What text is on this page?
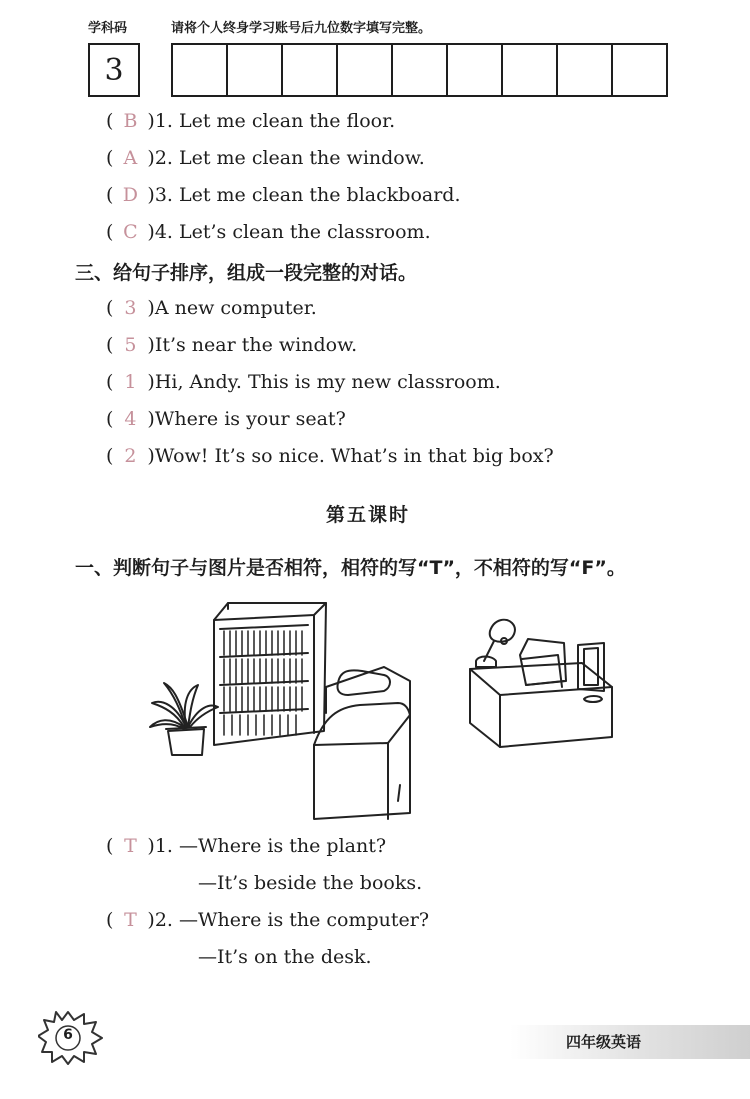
学科码	请将个人终身学习账号后九位数字填写完整。
3
( B )1. Let me clean the floor.
( A )2. Let me clean the window.
( D )3. Let me clean the blackboard.
( C )4. Let’s clean the classroom.
三、给句子排序，组成一段完整的对话。
( 3 )A new computer.
( 5 )It’s near the window.
( 1 )Hi, Andy. This is my new classroom.
( 4 )Where is your seat?
( 2 )Wow! It’s so nice. What’s in that big box?
第五课时
一、判断句子与图片是否相符，相符的写“T”，不相符的写“F”。
( T )1. —Where is the plant?
—It’s beside the books.
( T )2. —Where is the computer?
—It’s on the desk.
6	四年级英语
